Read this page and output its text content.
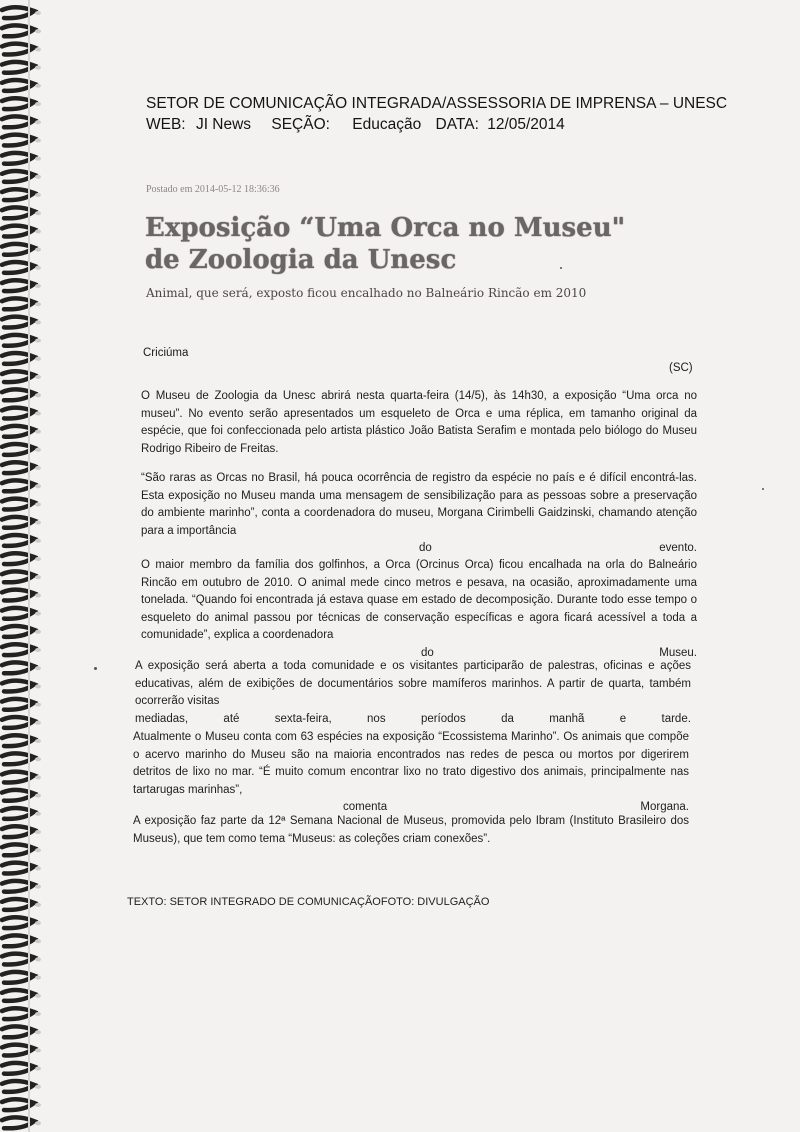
SETOR DE COMUNICAÇÃO INTEGRADA/ASSESSORIA DE IMPRENSA – UNESC
WEB: JI News SEÇÃO: Educação DATA: 12/05/2014
Postado em 2014-05-12 18:36:36
Exposição “Uma Orca no Museu" de Zoologia da Unesc
Animal, que será, exposto ficou encalhado no Balneário Rincão em 2010
Criciúma
(SC)
O Museu de Zoologia da Unesc abrirá nesta quarta-feira (14/5), às 14h30, a exposição “Uma orca no museu”. No evento serão apresentados um esqueleto de Orca e uma réplica, em tamanho original da espécie, que foi confeccionada pelo artista plástico João Batista Serafim e montada pelo biólogo do Museu Rodrigo Ribeiro de Freitas.
“São raras as Orcas no Brasil, há pouca ocorrência de registro da espécie no país e é difícil encontrá-las. Esta exposição no Museu manda uma mensagem de sensibilização para as pessoas sobre a preservação do ambiente marinho”, conta a coordenadora do museu, Morgana Cirimbelli Gaidzinski, chamando atenção para a importância
do	evento.
O maior membro da família dos golfinhos, a Orca (Orcinus Orca) ficou encalhada na orla do Balneário Rincão em outubro de 2010. O animal mede cinco metros e pesava, na ocasião, aproximadamente uma tonelada. “Quando foi encontrada já estava quase em estado de decomposição. Durante todo esse tempo o esqueleto do animal passou por técnicas de conservação específicas e agora ficará acessível a toda a comunidade”, explica a coordenadora
do	Museu.
A exposição será aberta a toda comunidade e os visitantes participarão de palestras, oficinas e ações educativas, além de exibições de documentários sobre mamíferos marinhos. A partir de quarta, também ocorrerão visitas
mediadas,	até	sexta-feira,	nos	períodos	da	manhã	e	tarde.
Atualmente o Museu conta com 63 espécies na exposição “Ecossistema Marinho”. Os animais que compõe o acervo marinho do Museu são na maioria encontrados nas redes de pesca ou mortos por digerirem detritos de lixo no mar. “É muito comum encontrar lixo no trato digestivo dos animais, principalmente nas tartarugas marinhas”,
comenta	Morgana.
A exposição faz parte da 12ª Semana Nacional de Museus, promovida pelo Ibram (Instituto Brasileiro dos Museus), que tem como tema “Museus: as coleções criam conexões”.
TEXTO: SETOR INTEGRADO DE COMUNICAÇÃOFOTO: DIVULGAÇÃO
